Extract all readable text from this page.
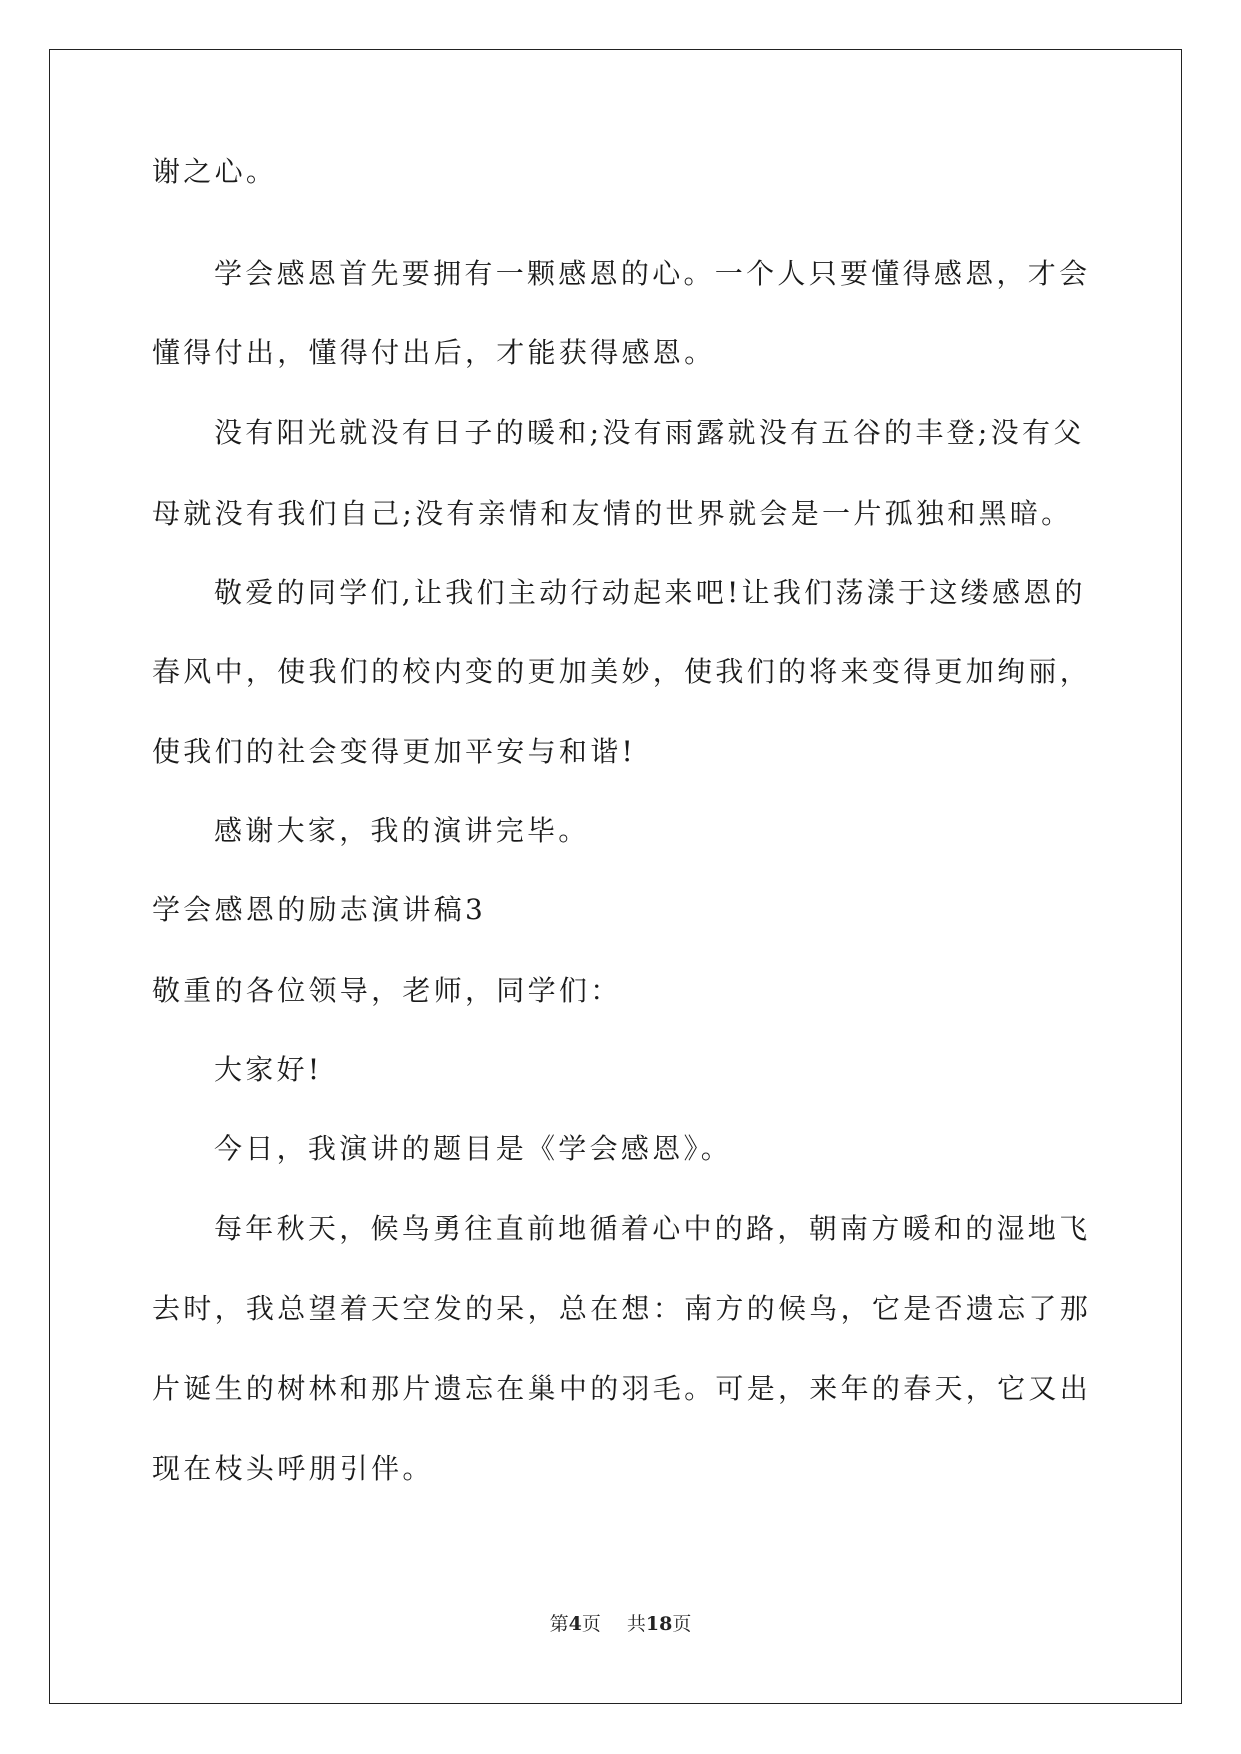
谢之心。
学会感恩首先要拥有一颗感恩的心。一个人只要懂得感恩，才会
懂得付出，懂得付出后，才能获得感恩。
没有阳光就没有日子的暖和;没有雨露就没有五谷的丰登;没有父
母就没有我们自己;没有亲情和友情的世界就会是一片孤独和黑暗。
敬爱的同学们,让我们主动行动起来吧!让我们荡漾于这缕感恩的
春风中，使我们的校内变的更加美妙，使我们的将来变得更加绚丽，
使我们的社会变得更加平安与和谐!
感谢大家，我的演讲完毕。
学会感恩的励志演讲稿3
敬重的各位领导，老师，同学们：
大家好!
今日，我演讲的题目是《学会感恩》。
每年秋天，候鸟勇往直前地循着心中的路，朝南方暖和的湿地飞
去时，我总望着天空发的呆，总在想：南方的候鸟，它是否遗忘了那
片诞生的树林和那片遗忘在巢中的羽毛。可是，来年的春天，它又出
现在枝头呼朋引伴。
第4页 共18页
